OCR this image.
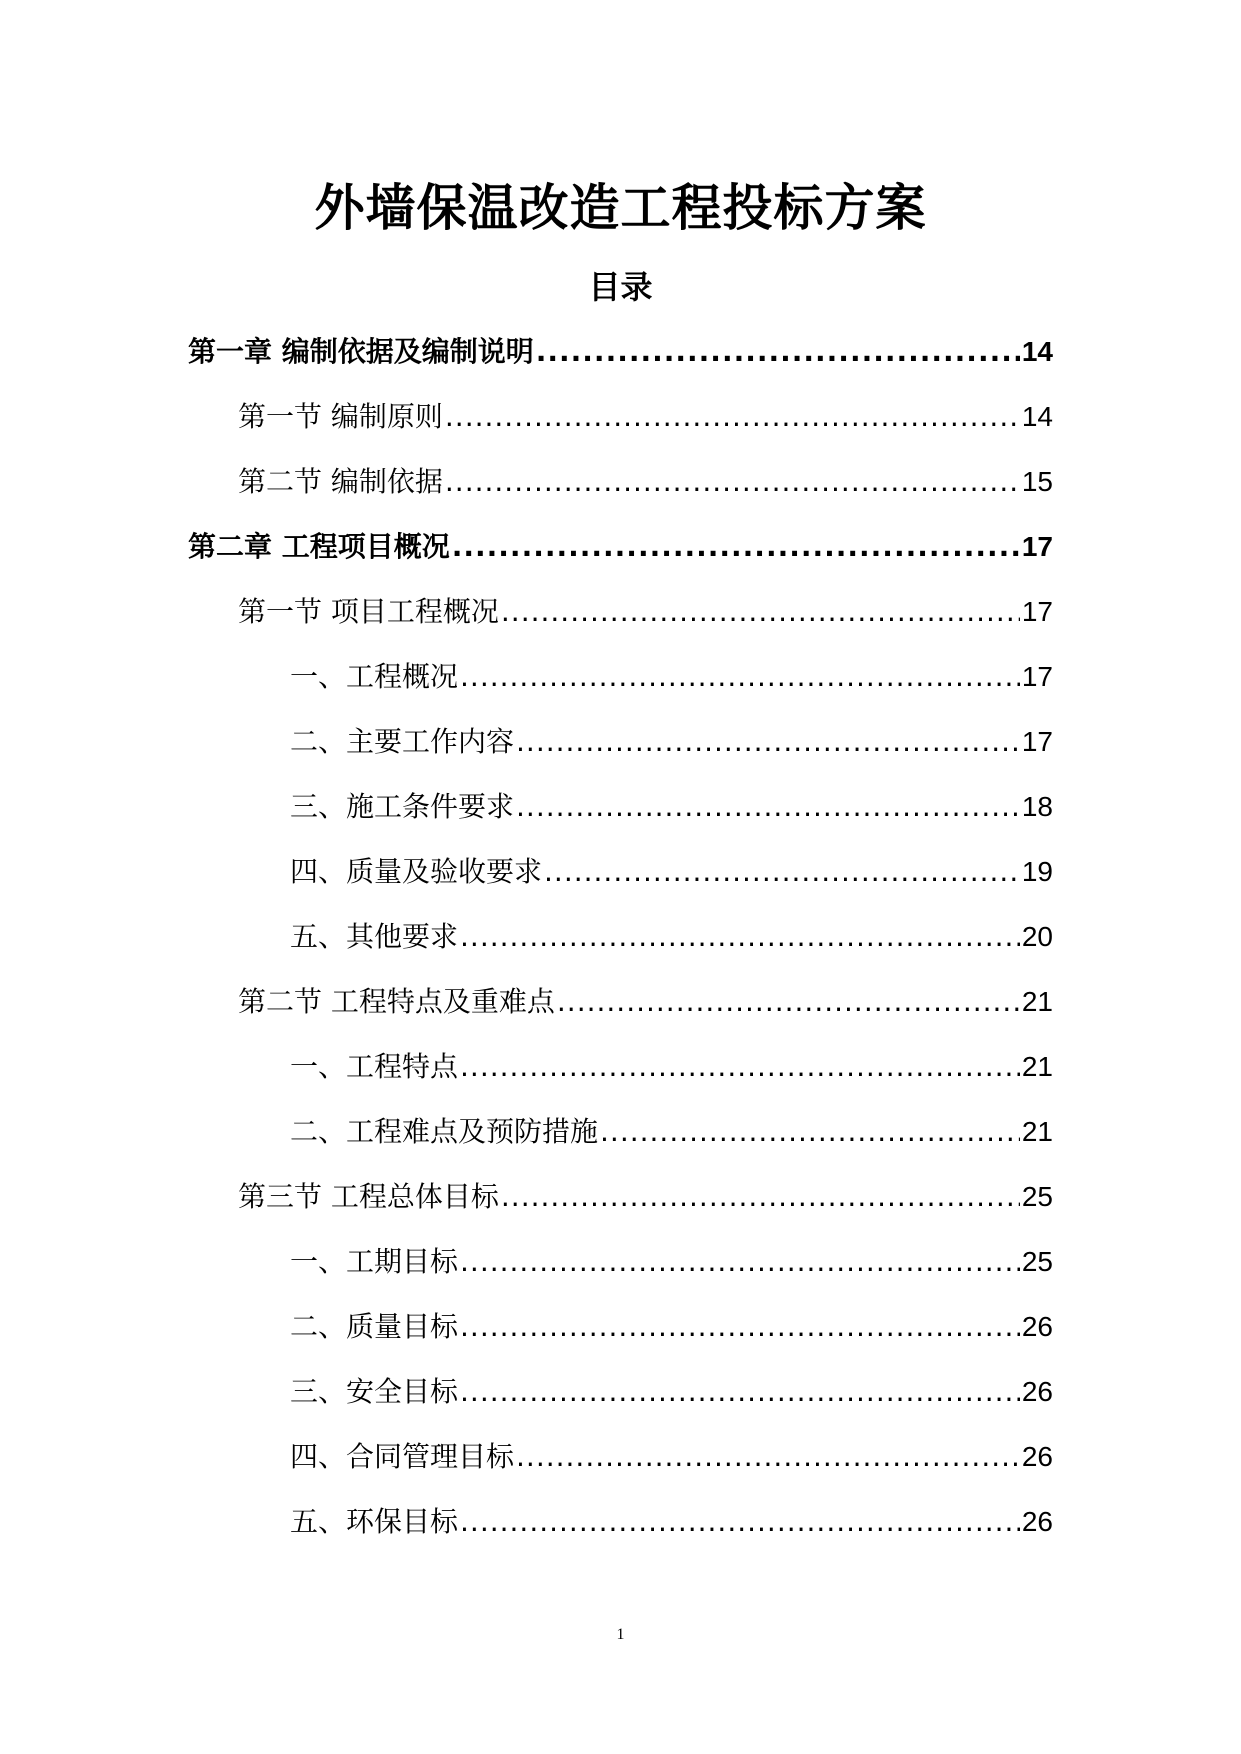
外墙保温改造工程投标方案
目录
第一章 编制依据及编制说明 .....	14
第一节 编制原则 .....	14
第二节 编制依据 .....	15
第二章 工程项目概况 .....	17
第一节 项目工程概况 .....	17
一、工程概况 .....	17
二、主要工作内容 .....	17
三、施工条件要求 .....	18
四、质量及验收要求 .....	19
五、其他要求 .....	20
第二节 工程特点及重难点 .....	21
一、工程特点 .....	21
二、工程难点及预防措施 .....	21
第三节 工程总体目标 .....	25
一、工期目标 .....	25
二、质量目标 .....	26
三、安全目标 .....	26
四、合同管理目标 .....	26
五、环保目标 .....	26
1
